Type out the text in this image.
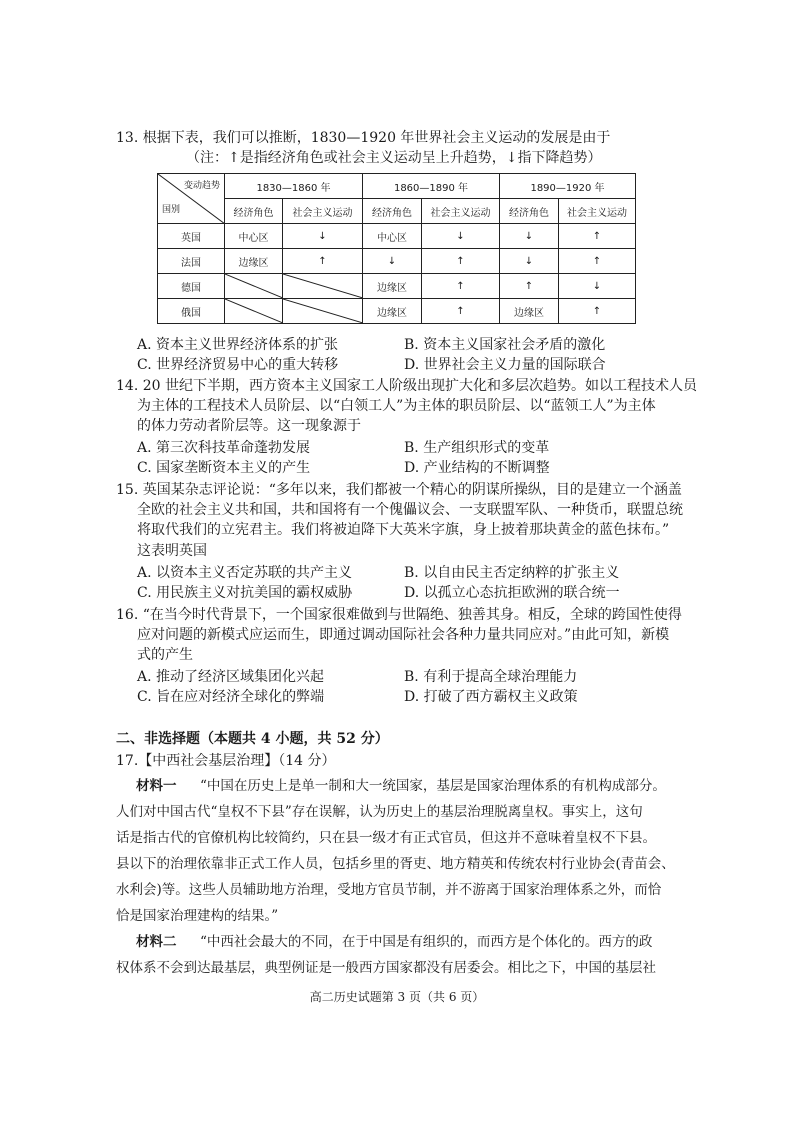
13. 根据下表，我们可以推断，1830—1920 年世界社会主义运动的发展是由于
（注：↑是指经济角色或社会主义运动呈上升趋势，↓指下降趋势）
变动趋势
国别	1830—1860 年		1860—1890 年		1890—1920 年	
	经济角色	社会主义运动	经济角色	社会主义运动	经济角色	社会主义运动
英国	中心区	↓	中心区	↓	↓	↑
法国	边缘区	↑	↓	↑	↓	↑
德国			边缘区	↑	↑	↓
俄国			边缘区	↑	边缘区	↑
A. 资本主义世界经济体系的扩张	B. 资本主义国家社会矛盾的激化
C. 世界经济贸易中心的重大转移	D. 世界社会主义力量的国际联合
14. 20 世纪下半期，西方资本主义国家工人阶级出现扩大化和多层次趋势。如以工程技术人员
为主体的工程技术人员阶层、以“白领工人”为主体的职员阶层、以“蓝领工人”为主体
的体力劳动者阶层等。这一现象源于
A. 第三次科技革命蓬勃发展	B. 生产组织形式的变革
C. 国家垄断资本主义的产生	D. 产业结构的不断调整
15. 英国某杂志评论说：“多年以来，我们都被一个精心的阴谋所操纵，目的是建立一个涵盖
全欧的社会主义共和国，共和国将有一个傀儡议会、一支联盟军队、一种货币，联盟总统
将取代我们的立宪君主。我们将被迫降下大英米字旗，身上披着那块黄金的蓝色抹布。”
这表明英国
A. 以资本主义否定苏联的共产主义	B. 以自由民主否定纳粹的扩张主义
C. 用民族主义对抗美国的霸权威胁	D. 以孤立心态抗拒欧洲的联合统一
16. “在当今时代背景下，一个国家很难做到与世隔绝、独善其身。相反，全球的跨国性使得
应对问题的新模式应运而生，即通过调动国际社会各种力量共同应对。”由此可知，新模
式的产生
A. 推动了经济区域集团化兴起	B. 有利于提高全球治理能力
C. 旨在应对经济全球化的弊端	D. 打破了西方霸权主义政策
二、非选择题（本题共 4 小题，共 52 分）
17.【中西社会基层治理】（14 分）
材料一 “中国在历史上是单一制和大一统国家，基层是国家治理体系的有机构成部分。
人们对中国古代“皇权不下县”存在误解，认为历史上的基层治理脱离皇权。事实上，这句
话是指古代的官僚机构比较简约，只在县一级才有正式官员，但这并不意味着皇权不下县。
县以下的治理依靠非正式工作人员，包括乡里的胥吏、地方精英和传统农村行业协会(青苗会、
水利会)等。这些人员辅助地方治理，受地方官员节制，并不游离于国家治理体系之外，而恰
恰是国家治理建构的结果。”
材料二 “中西社会最大的不同，在于中国是有组织的，而西方是个体化的。西方的政
权体系不会到达最基层，典型例证是一般西方国家都没有居委会。相比之下，中国的基层社
高二历史试题第 3 页（共 6 页）
